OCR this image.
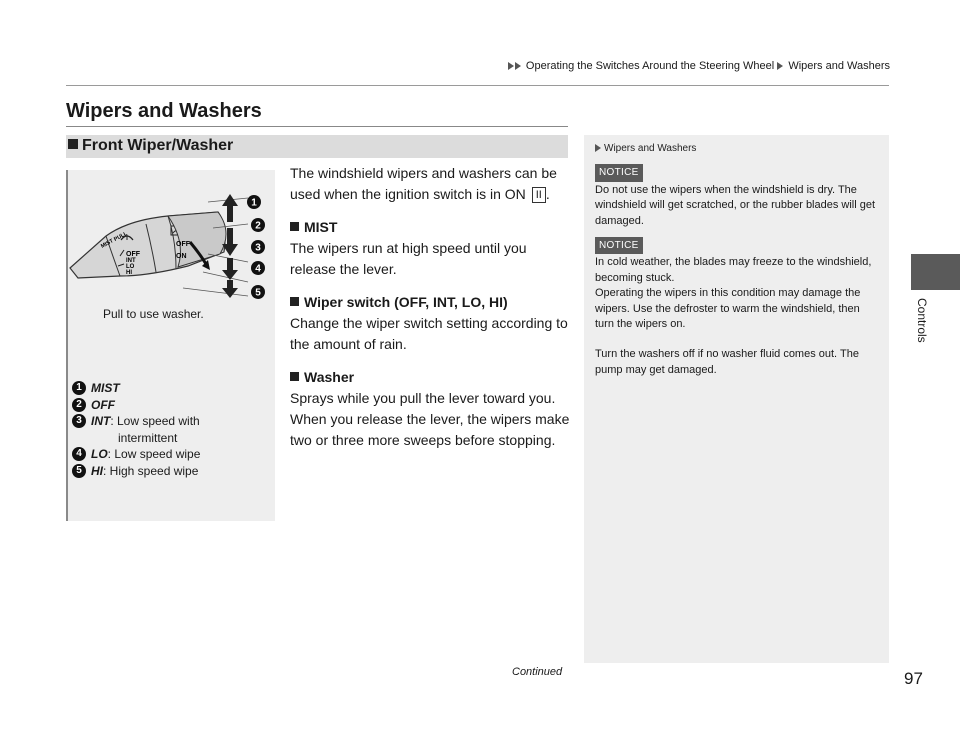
Operating the Switches Around the Steering Wheel Wipers and Washers
Wipers and Washers
Front Wiper/Washer
MIST PULL
OFF
INT
LO
HI
OFF
ON
1
2
3
4
5
Pull to use washer.
1 MIST
2 OFF
3 INT: Low speed with
intermittent
4 LO: Low speed wipe
5 HI: High speed wipe

The windshield wipers and washers can be used when the ignition switch is in ON II .

MIST

The wipers run at high speed until you release the lever.

Wiper switch (OFF, INT, LO, HI)

Change the wiper switch setting according to the amount of rain.

Washer

Sprays while you pull the lever toward you. When you release the lever, the wipers make two or three more sweeps before stopping.

Wipers and Washers
NOTICE

Do not use the wipers when the windshield is dry. The windshield will get scratched, or the rubber blades will get damaged.

NOTICE

In cold weather, the blades may freeze to the windshield, becoming stuck.

Operating the wipers in this condition may damage the wipers. Use the defroster to warm the windshield, then turn the wipers on.

Turn the washers off if no washer fluid comes out. The pump may get damaged.

Continued	97
Controls
